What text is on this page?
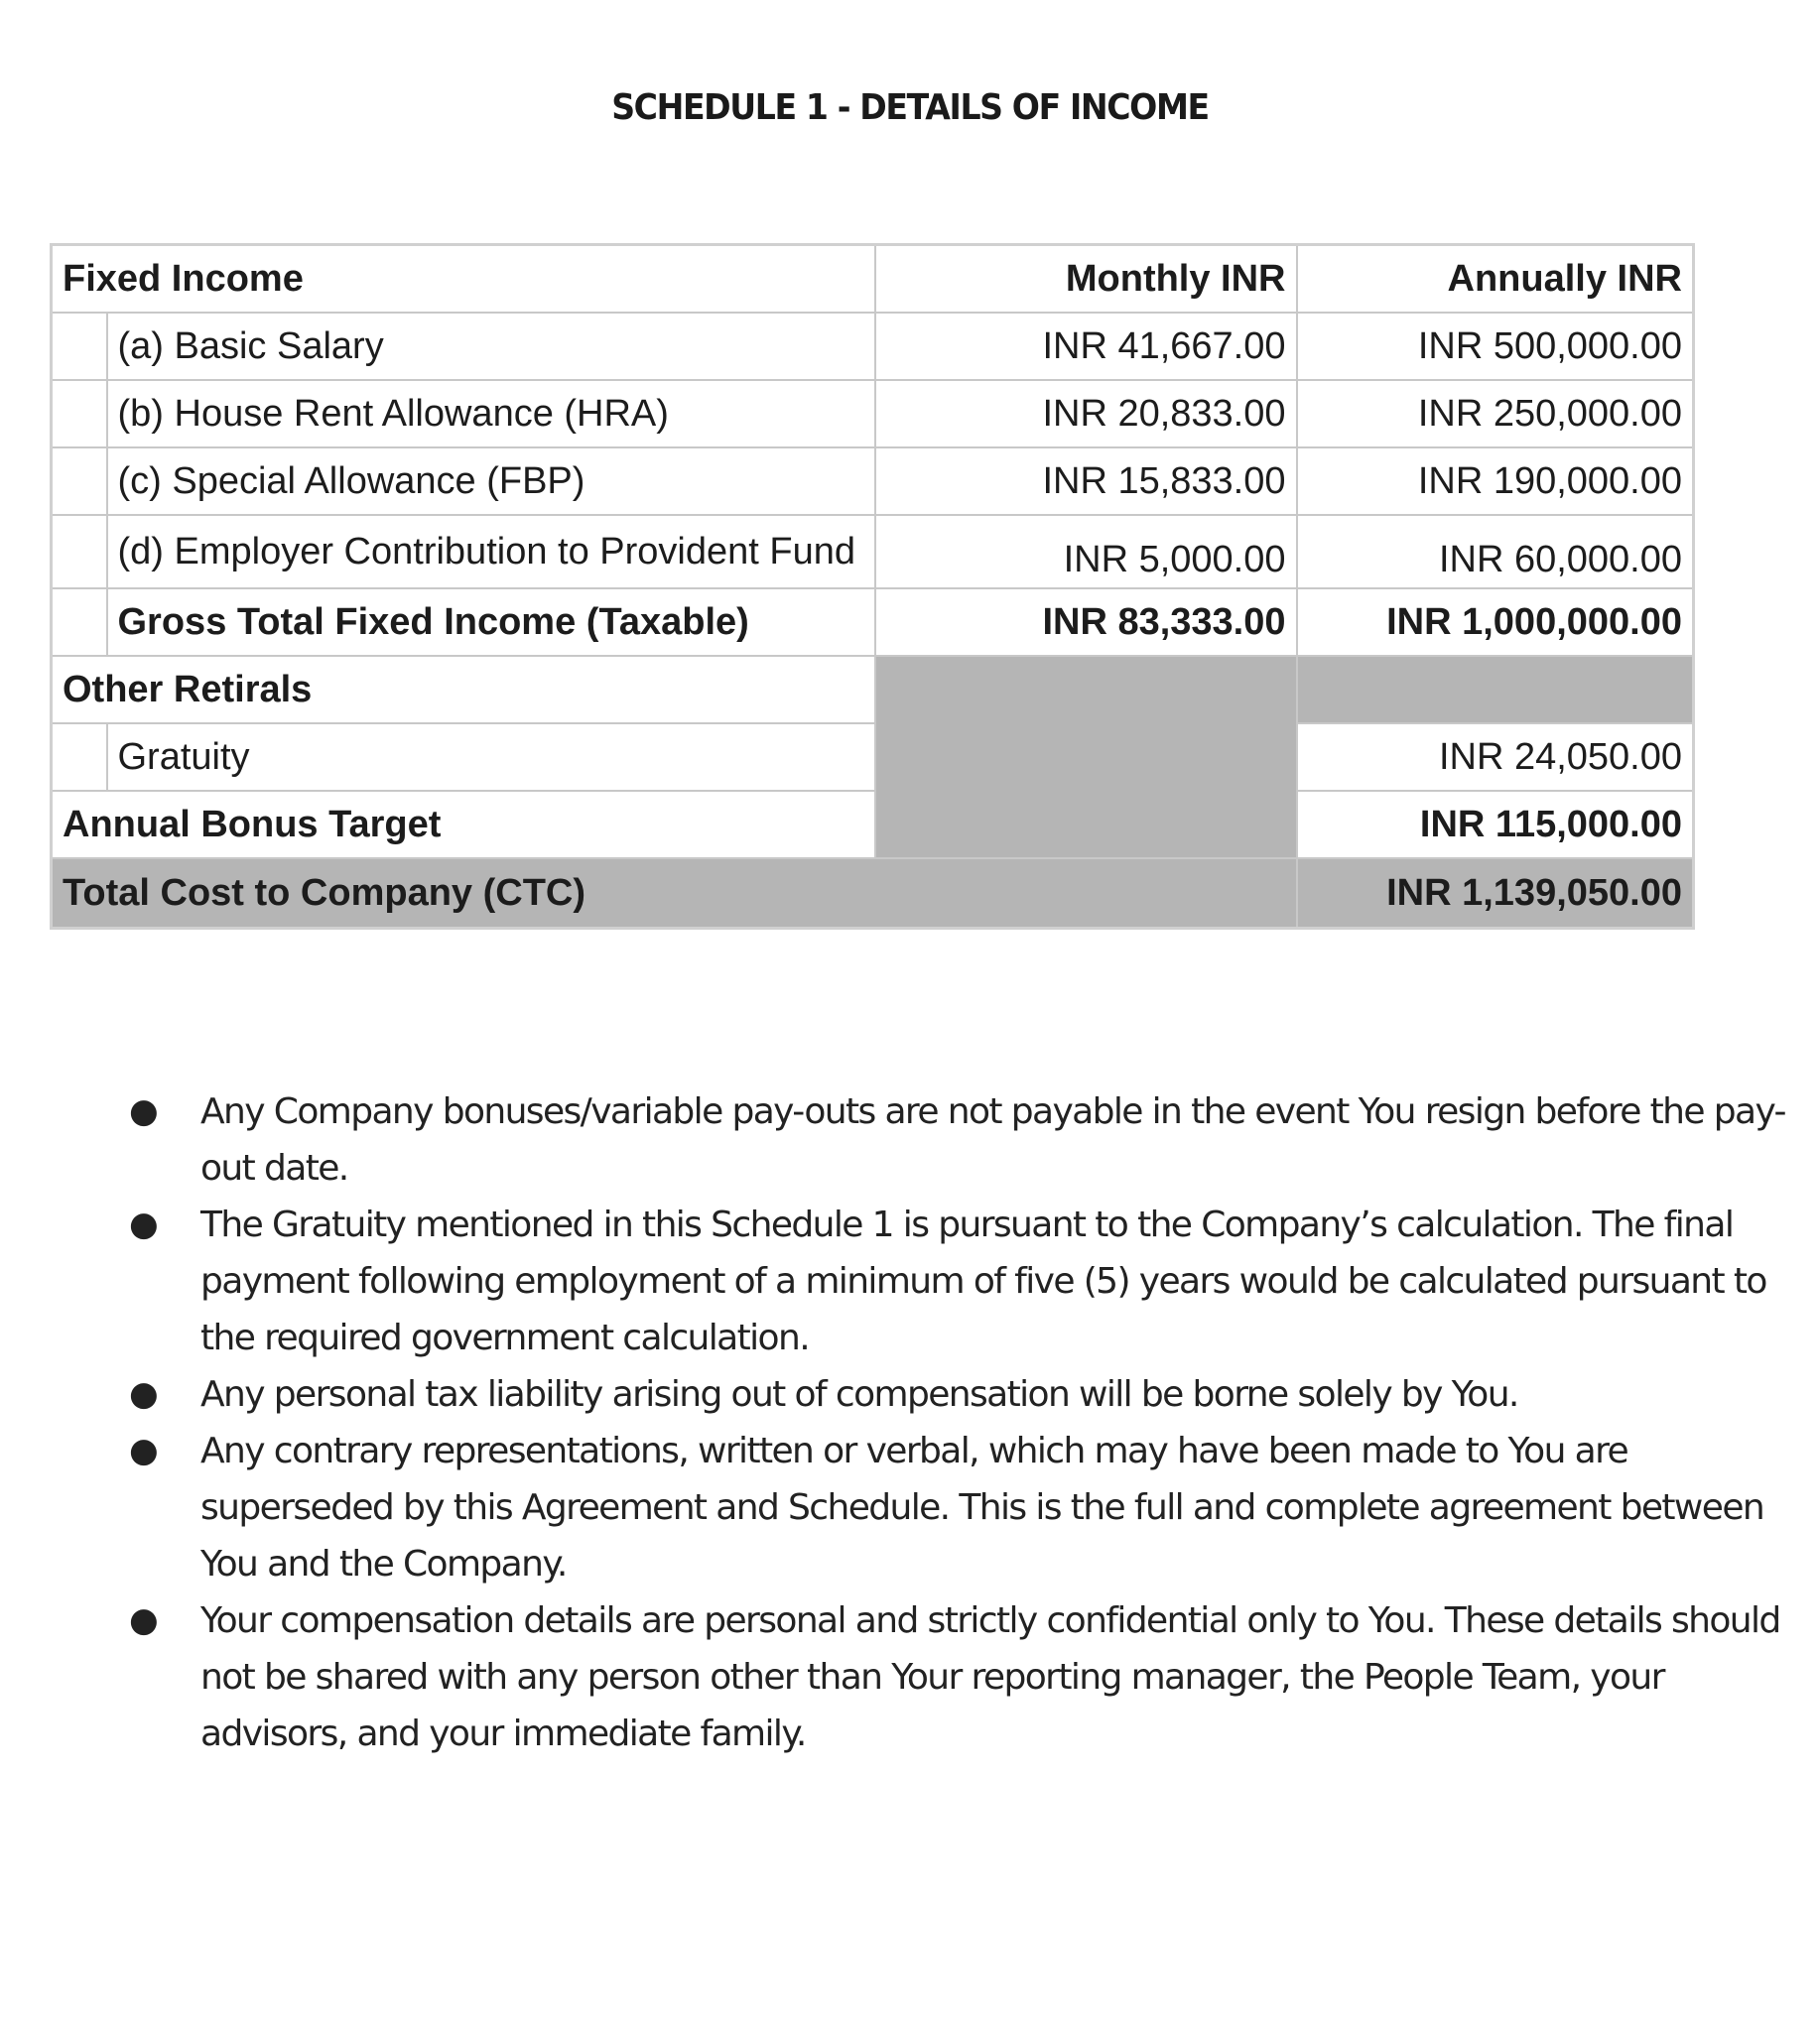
SCHEDULE 1 - DETAILS OF INCOME
Fixed Income		Monthly INR	Annually INR
	(a) Basic Salary	INR 41,667.00	INR 500,000.00
	(b) House Rent Allowance (HRA)	INR 20,833.00	INR 250,000.00
	(c) Special Allowance (FBP)	INR 15,833.00	INR 190,000.00
	(d) Employer Contribution to Provident Fund	INR 5,000.00	INR 60,000.00
	Gross Total Fixed Income (Taxable)	INR 83,333.00	INR 1,000,000.00
Other Retirals			
	Gratuity		INR 24,050.00
Annual Bonus Target			INR 115,000.00
Total Cost to Company (CTC)			INR 1,139,050.00
● Any Company bonuses/variable pay-outs are not payable in the event You resign before the pay-out date.
● The Gratuity mentioned in this Schedule 1 is pursuant to the Company’s calculation. The final payment following employment of a minimum of five (5) years would be calculated pursuant to the required government calculation.
● Any personal tax liability arising out of compensation will be borne solely by You.
● Any contrary representations, written or verbal, which may have been made to You are superseded by this Agreement and Schedule. This is the full and complete agreement between You and the Company.
● Your compensation details are personal and strictly confidential only to You. These details should not be shared with any person other than Your reporting manager, the People Team, your advisors, and your immediate family.
